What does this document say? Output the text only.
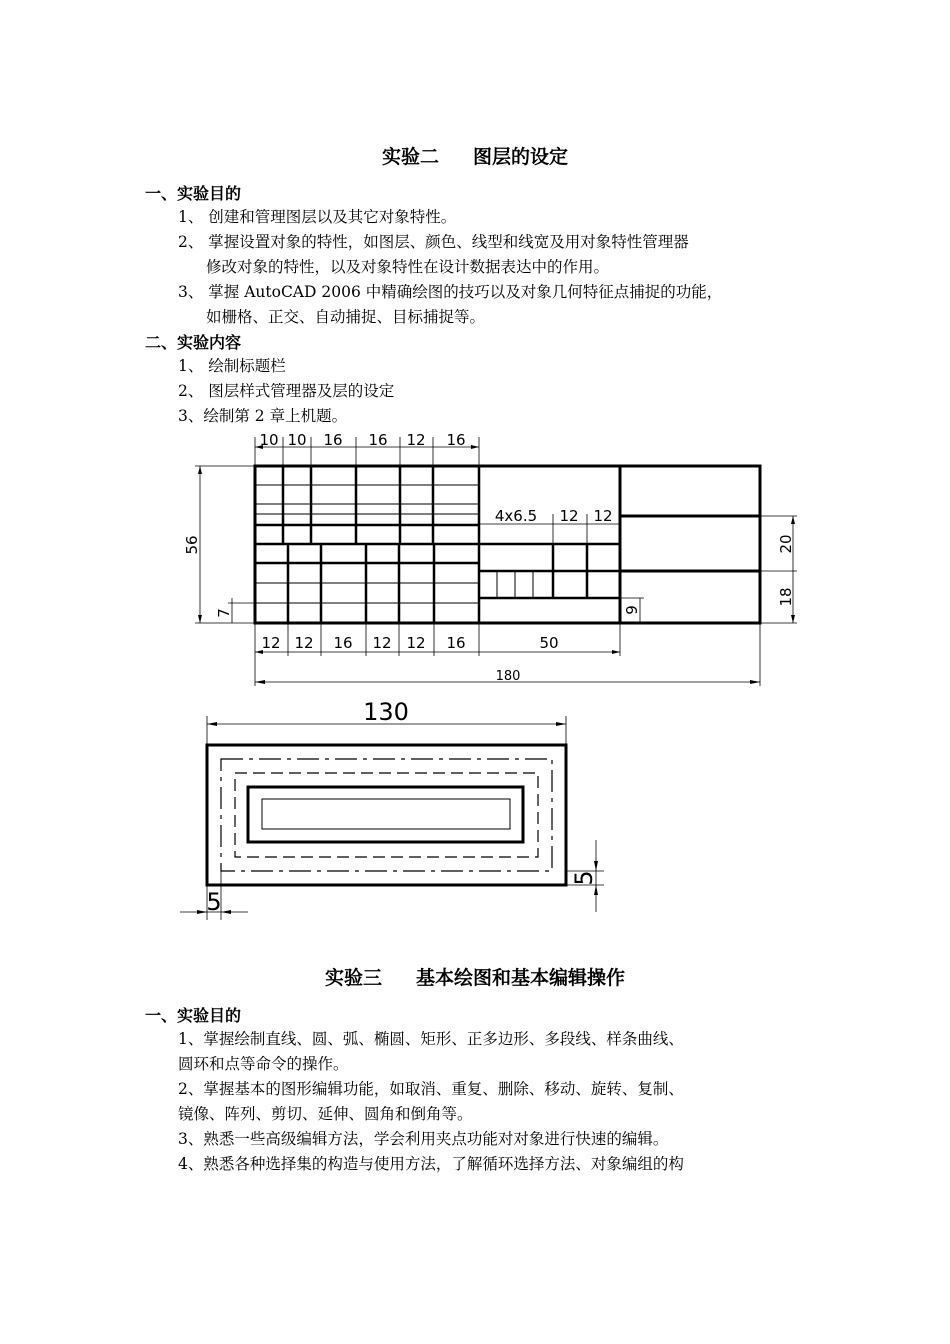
实验二 图层的设定
一、实验目的
1、 创建和管理图层以及其它对象特性。
2、 掌握设置对象的特性，如图层、颜色、线型和线宽及用对象特性管理器
修改对象的特性，以及对象特性在设计数据表达中的作用。
3、 掌握 AutoCAD 2006 中精确绘图的技巧以及对象几何特征点捕捉的功能，
如栅格、正交、自动捕捉、目标捕捉等。
二、实验内容
1、 绘制标题栏
2、 图层样式管理器及层的设定
3、绘制第 2 章上机题。
10 10 16 16 12 16
4x6.5 12 12
12 12 16 12 12 16	50
180
56
7	9
20
18
130
5
5
实验三 基本绘图和基本编辑操作
一、实验目的
1、掌握绘制直线、圆、弧、椭圆、矩形、正多边形、多段线、样条曲线、
圆环和点等命令的操作。
2、掌握基本的图形编辑功能，如取消、重复、删除、移动、旋转、复制、
镜像、阵列、剪切、延伸、圆角和倒角等。
3、熟悉一些高级编辑方法，学会利用夹点功能对对象进行快速的编辑。
4、熟悉各种选择集的构造与使用方法，了解循环选择方法、对象编组的构
